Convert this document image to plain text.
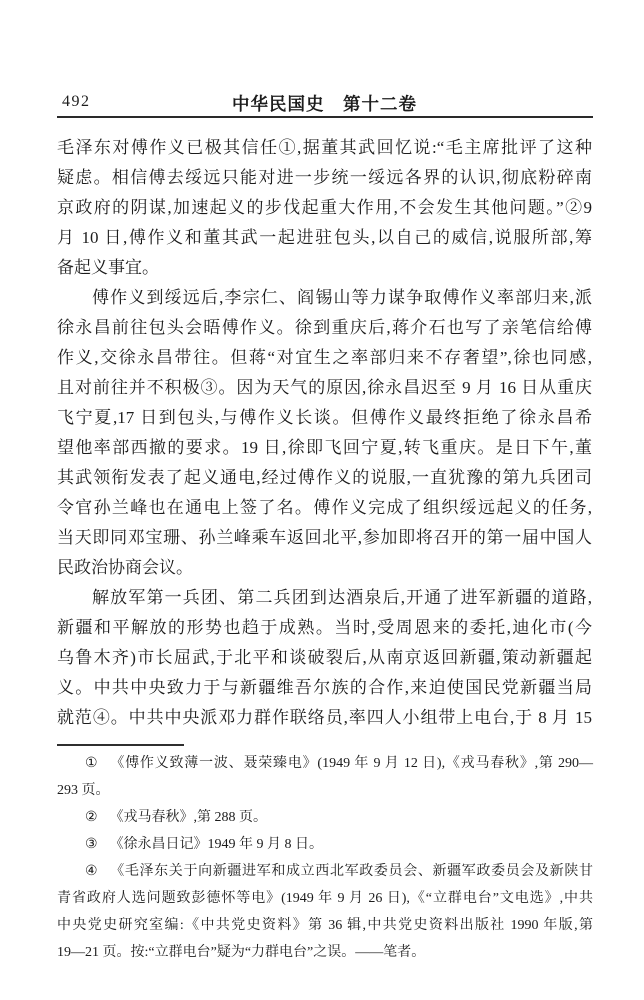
492	中华民国史　第十二卷
毛泽东对傅作义已极其信任①,据董其武回忆说:“毛主席批评了这种
疑虑。相信傅去绥远只能对进一步统一绥远各界的认识,彻底粉碎南
京政府的阴谋,加速起义的步伐起重大作用,不会发生其他问题。”②9
月 10 日,傅作义和董其武一起进驻包头,以自己的威信,说服所部,筹
备起义事宜。
傅作义到绥远后,李宗仁、阎锡山等力谋争取傅作义率部归来,派
徐永昌前往包头会晤傅作义。徐到重庆后,蒋介石也写了亲笔信给傅
作义,交徐永昌带往。但蒋“对宜生之率部归来不存奢望”,徐也同感,
且对前往并不积极③。因为天气的原因,徐永昌迟至 9 月 16 日从重庆
飞宁夏,17 日到包头,与傅作义长谈。但傅作义最终拒绝了徐永昌希
望他率部西撤的要求。19 日,徐即飞回宁夏,转飞重庆。是日下午,董
其武领衔发表了起义通电,经过傅作义的说服,一直犹豫的第九兵团司
令官孙兰峰也在通电上签了名。傅作义完成了组织绥远起义的任务,
当天即同邓宝珊、孙兰峰乘车返回北平,参加即将召开的第一届中国人
民政治协商会议。
解放军第一兵团、第二兵团到达酒泉后,开通了进军新疆的道路,
新疆和平解放的形势也趋于成熟。当时,受周恩来的委托,迪化市(今
乌鲁木齐)市长屈武,于北平和谈破裂后,从南京返回新疆,策动新疆起
义。中共中央致力于与新疆维吾尔族的合作,来迫使国民党新疆当局
就范④。中共中央派邓力群作联络员,率四人小组带上电台,于 8 月 15
① 《傅作义致薄一波、聂荣臻电》(1949 年 9 月 12 日),《戎马春秋》,第 290—
293 页。
② 《戎马春秋》,第 288 页。
③ 《徐永昌日记》1949 年 9 月 8 日。
④ 《毛泽东关于向新疆进军和成立西北军政委员会、新疆军政委员会及新陕甘
青省政府人选问题致彭德怀等电》(1949 年 9 月 26 日),《“立群电台”文电选》,中共
中央党史研究室编:《中共党史资料》第 36 辑,中共党史资料出版社 1990 年版,第
19—21 页。按:“立群电台”疑为“力群电台”之误。——笔者。
